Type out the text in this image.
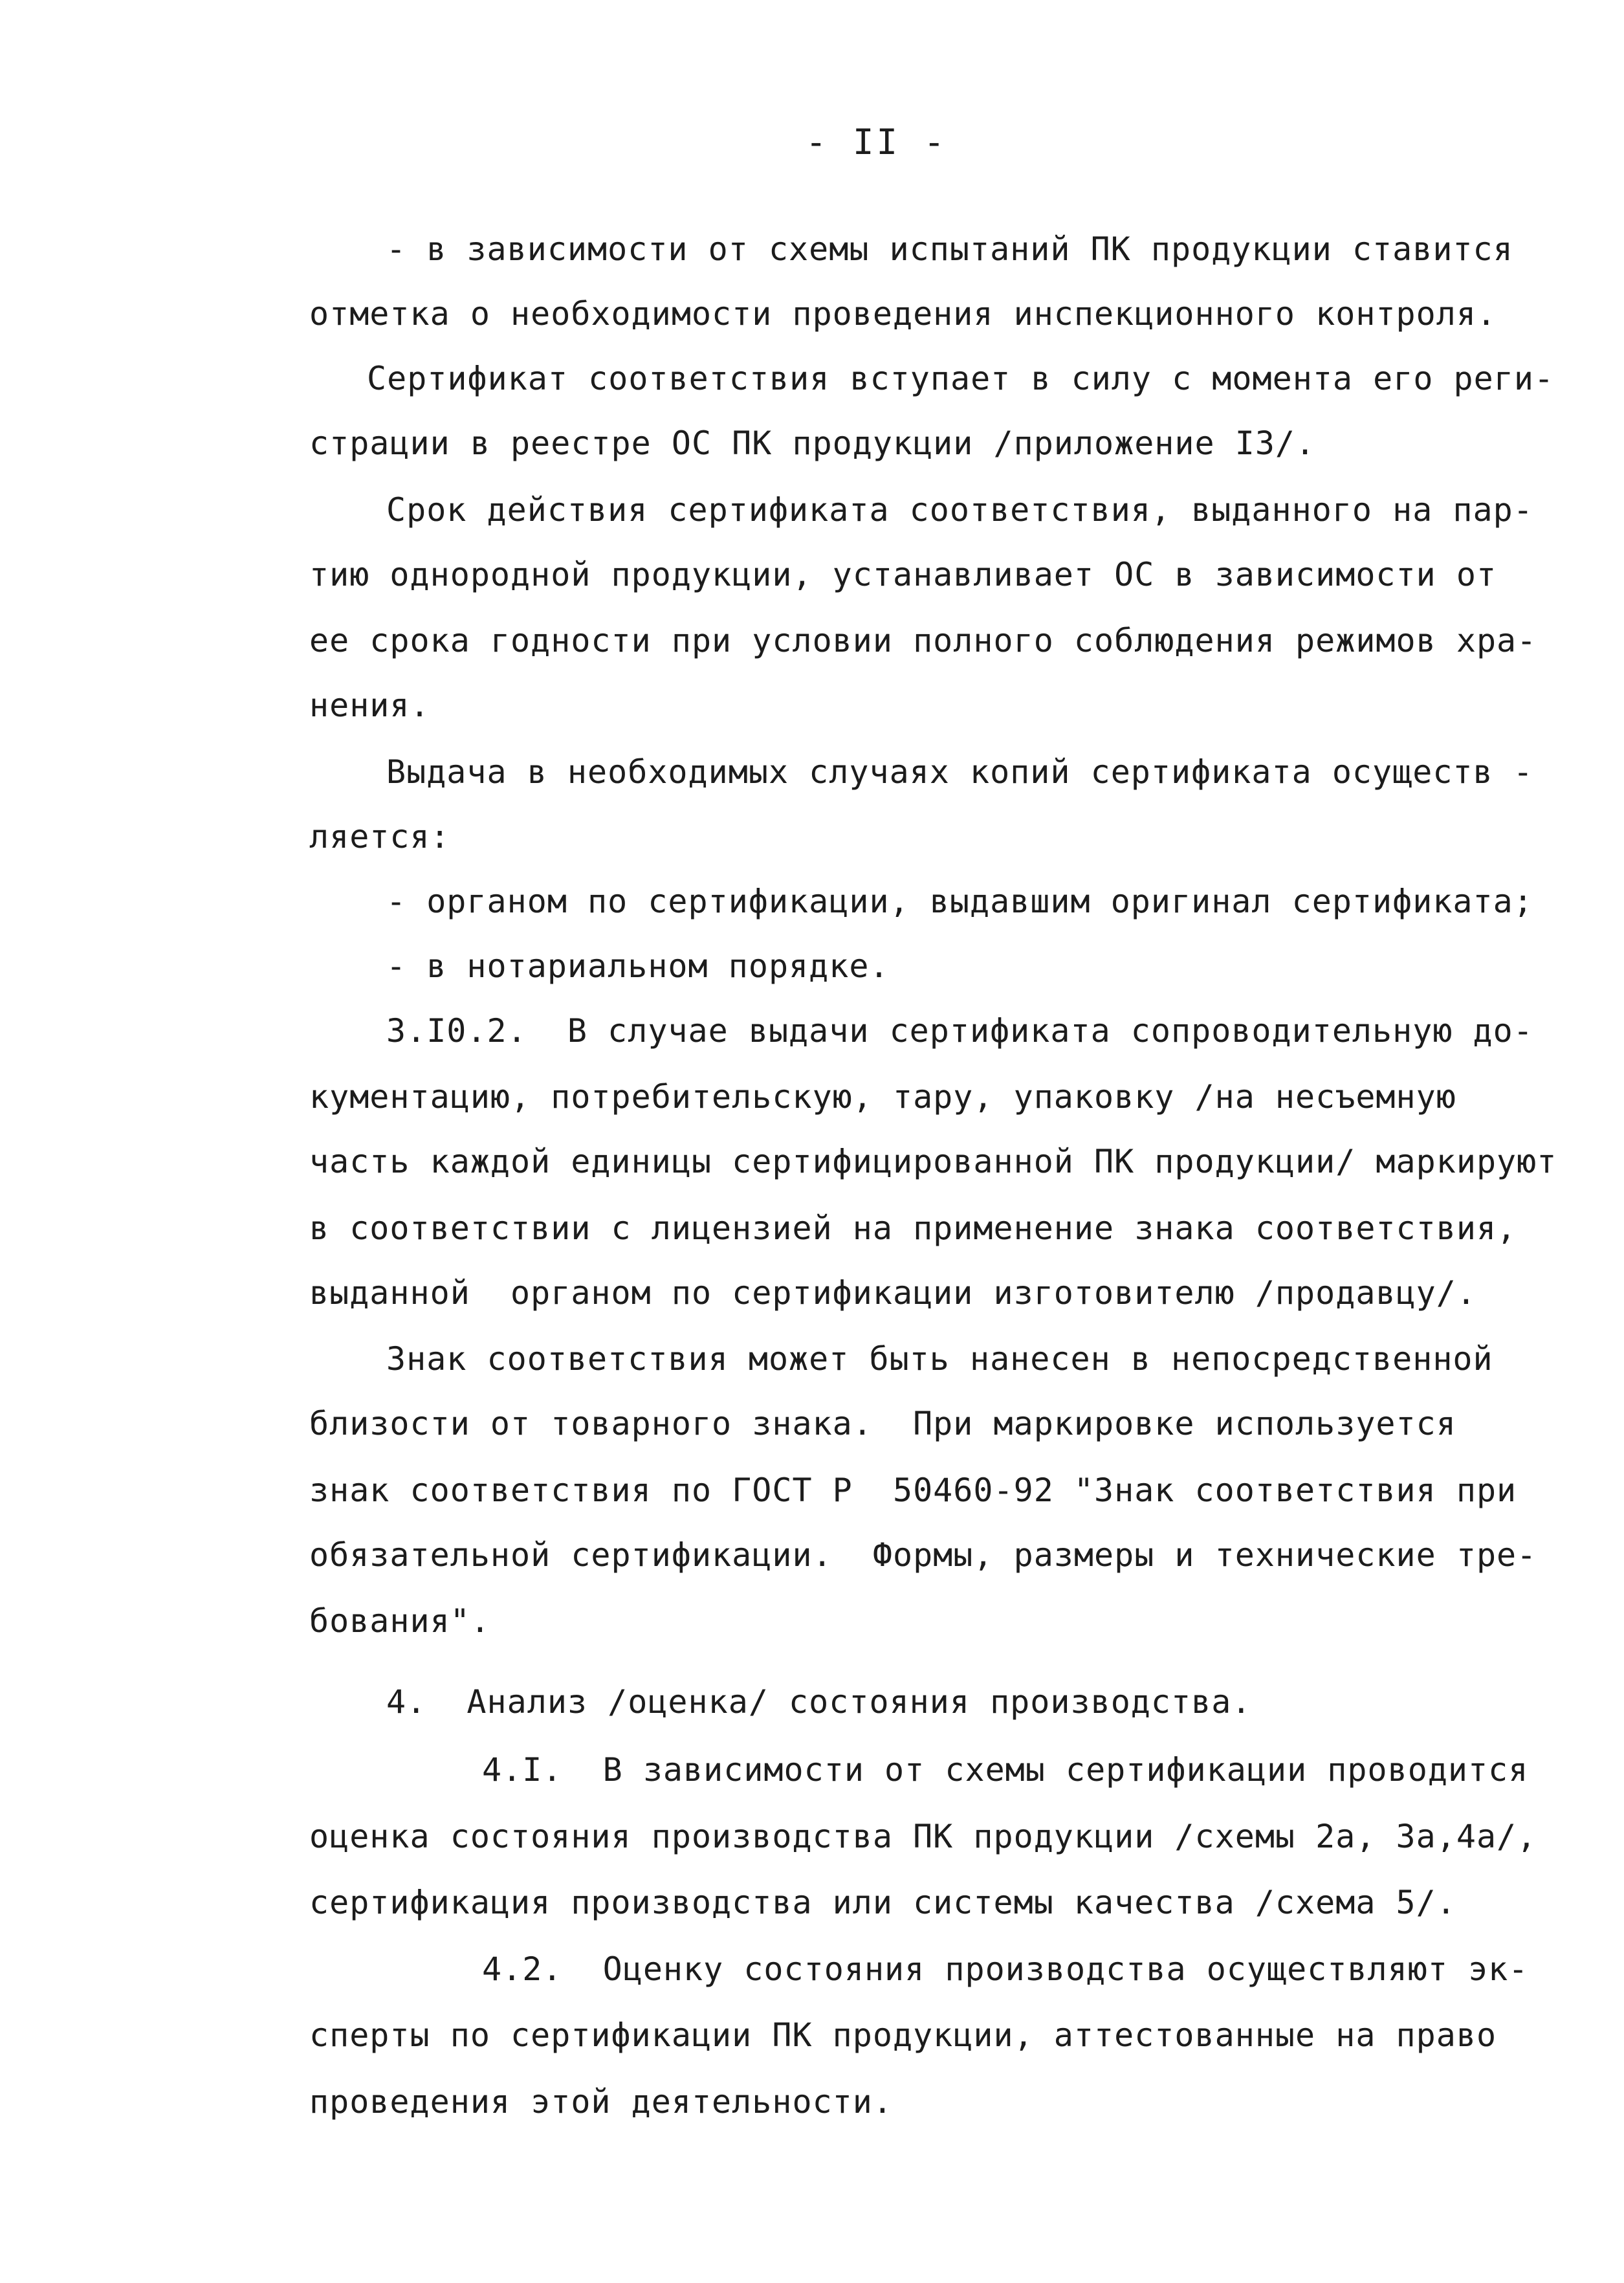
- II -
- в зависимости от схемы испытаний ПК продукции ставится
отметка о необходимости проведения инспекционного контроля.
Сертификат соответствия вступает в силу с момента его реги-
страции в реестре ОС ПК продукции /приложение I3/.
Срок действия сертификата соответствия, выданного на пар-
тию однородной продукции, устанавливает ОС в зависимости от
ее срока годности при условии полного соблюдения режимов хра-
нения.
Выдача в необходимых случаях копий сертификата осуществ -
ляется:
- органом по сертификации, выдавшим оригинал сертификата;
- в нотариальном порядке.
3.I0.2.  В случае выдачи сертификата сопроводительную до-
кументацию, потребительскую, тару, упаковку /на несъемную
часть каждой единицы сертифицированной ПК продукции/ маркируют
в соответствии с лицензией на применение знака соответствия,
выданной  органом по сертификации изготовителю /продавцу/.
Знак соответствия может быть нанесен в непосредственной
близости от товарного знака.  При маркировке используется
знак соответствия по ГОСТ Р  50460-92 "Знак соответствия при
обязательной сертификации.  Формы, размеры и технические тре-
бования".
4.  Анализ /оценка/ состояния производства.
4.I.  В зависимости от схемы сертификации проводится
оценка состояния производства ПК продукции /схемы 2а, 3а,4а/,
сертификация производства или системы качества /схема 5/.
4.2.  Оценку состояния производства осуществляют эк-
сперты по сертификации ПК продукции, аттестованные на право
проведения этой деятельности.
